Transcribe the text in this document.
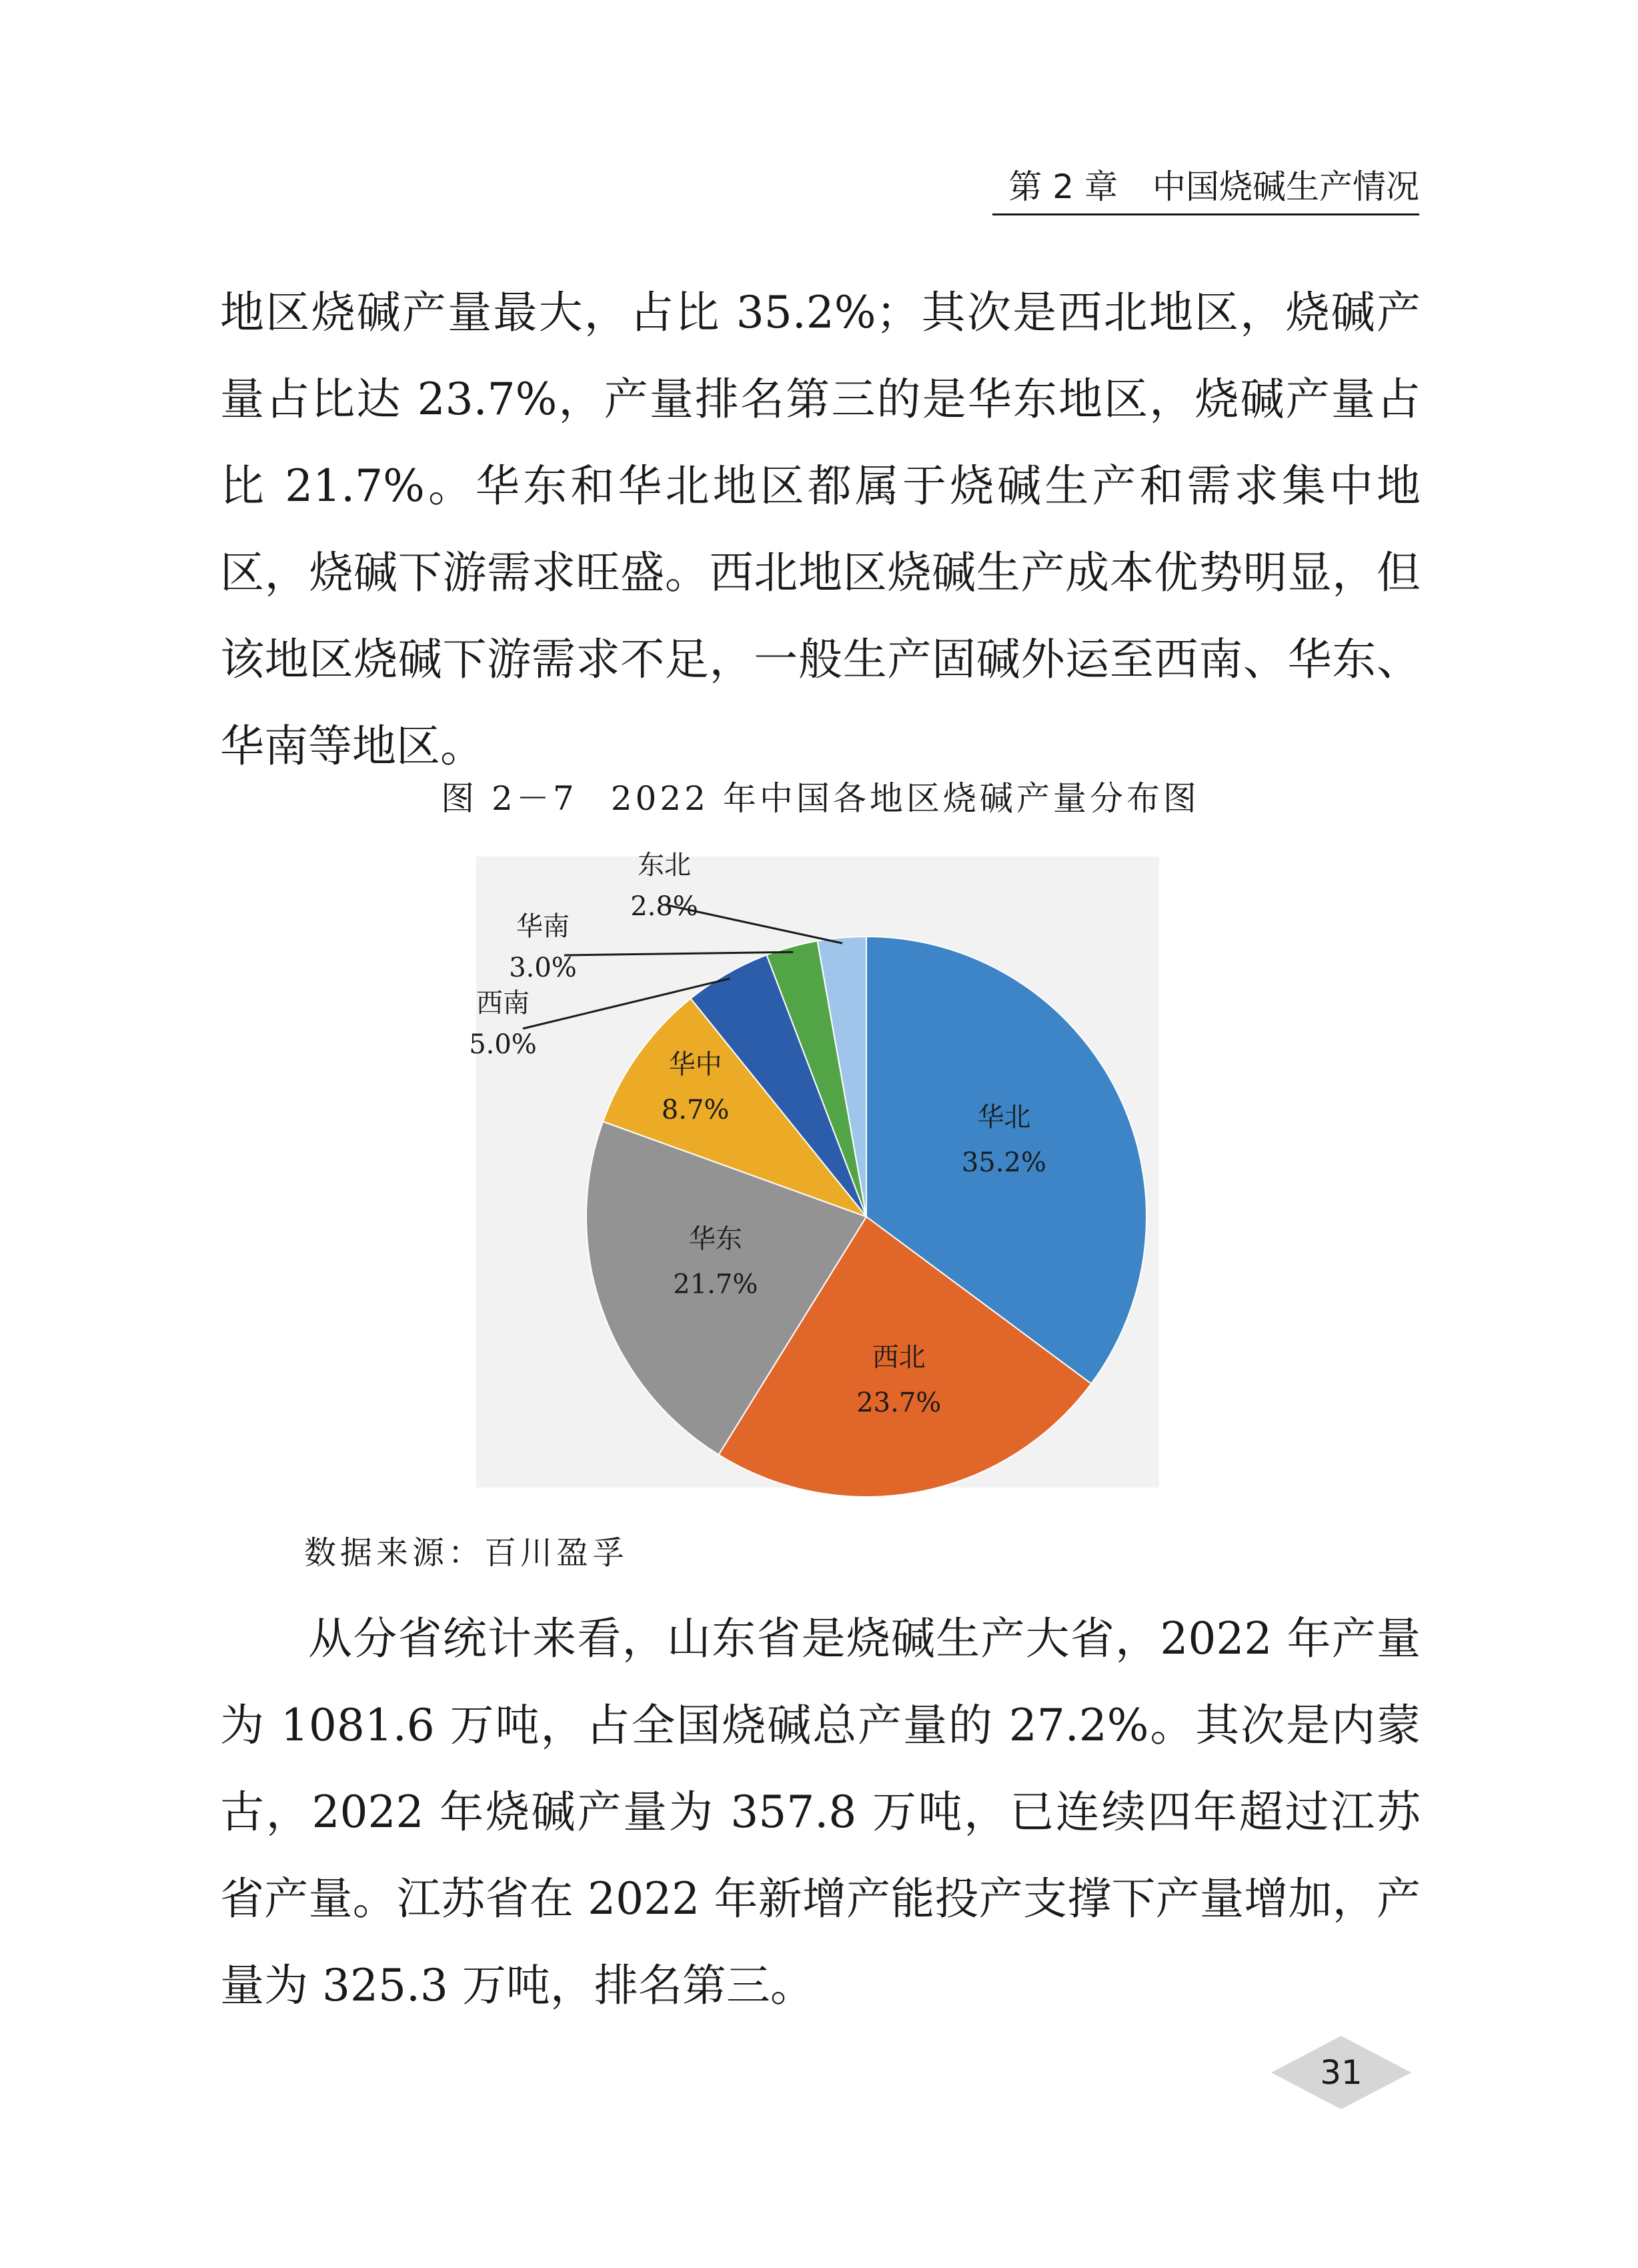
第 2 章 中国烧碱生产情况

地区烧碱产量最大，占比 35.2%；其次是西北地区，烧碱产量占比达 23.7%，产量排名第三的是华东地区，烧碱产量占比 21.7%。华东和华北地区都属于烧碱生产和需求集中地区，烧碱下游需求旺盛。西北地区烧碱生产成本优势明显，但该地区烧碱下游需求不足，一般生产固碱外运至西南、华东、华南等地区。

图 2－7 2022 年中国各地区烧碱产量分布图
华北
35.2%
西北
23.7%
华东
21.7%
华中
8.7%
西南
5.0%
华南
3.0%
东北
2.8%
数据来源：百川盈孚

从分省统计来看，山东省是烧碱生产大省，2022 年产量为 1081.6 万吨，占全国烧碱总产量的 27.2%。其次是内蒙古，2022 年烧碱产量为 357.8 万吨，已连续四年超过江苏省产量。江苏省在 2022 年新增产能投产支撑下产量增加，产量为 325.3 万吨，排名第三。

31
